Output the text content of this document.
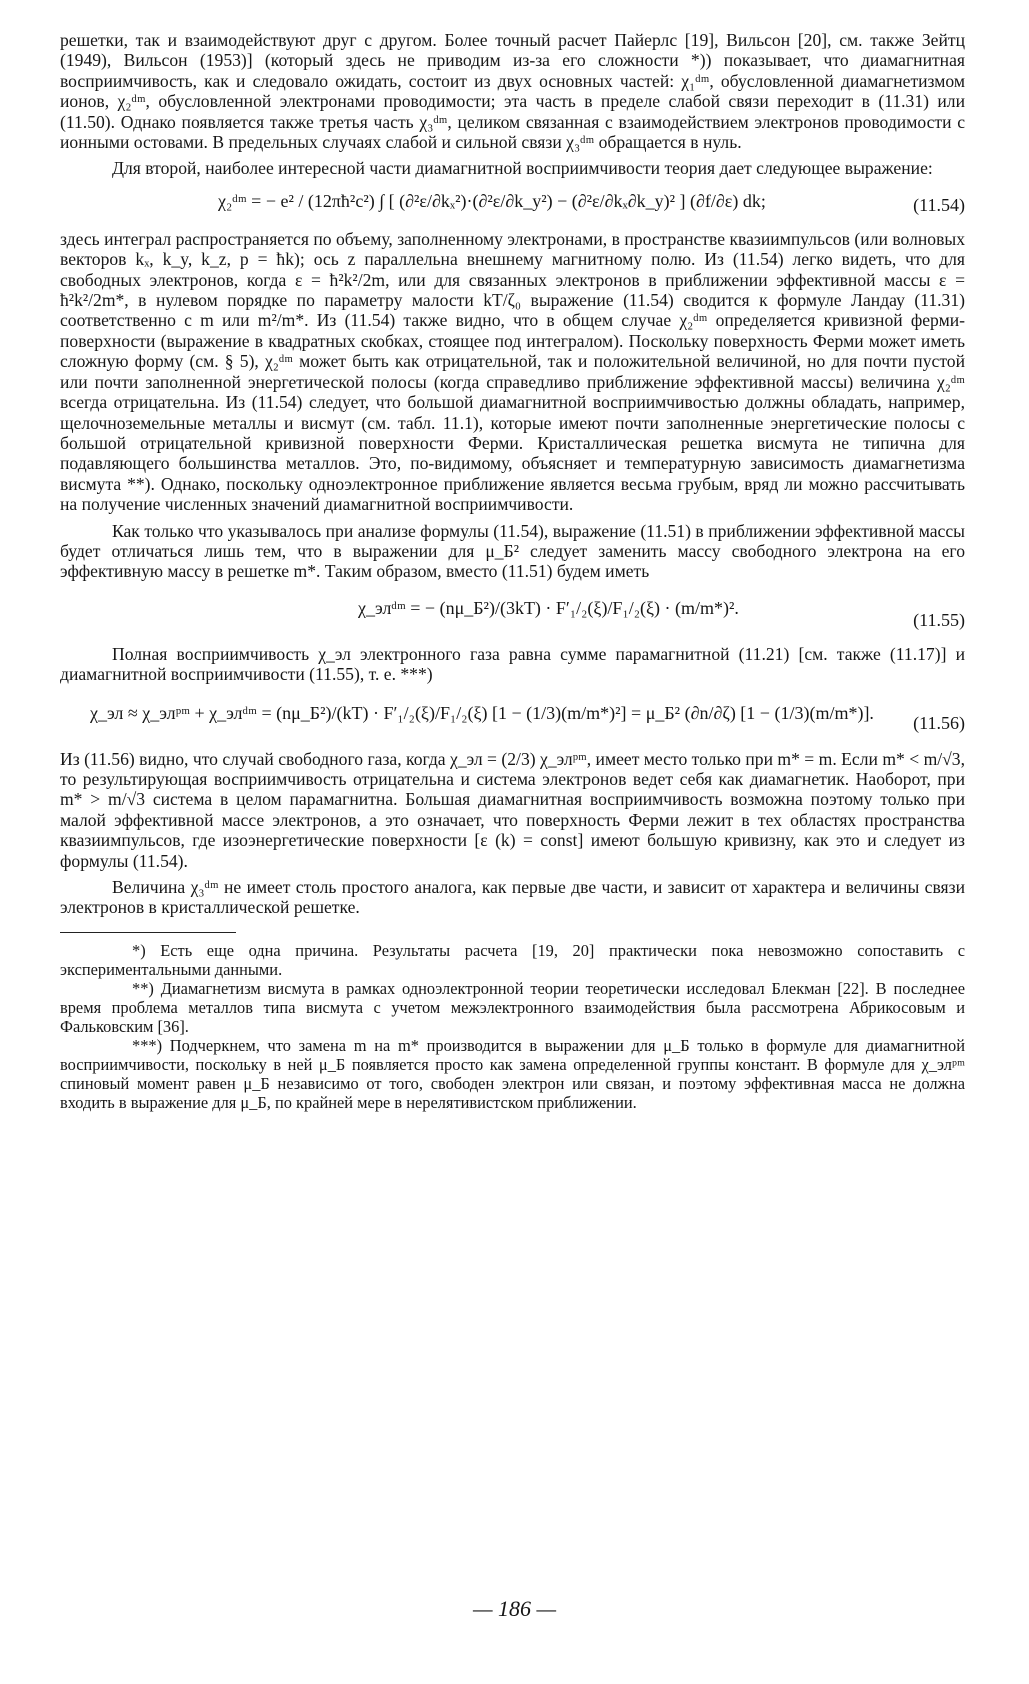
решетки, так и взаимодействуют друг с другом. Более точный расчет Пайерлс [19], Вильсон [20], см. также Зейтц (1949), Вильсон (1953)] (который здесь не приводим из-за его сложности *)) показывает, что диамагнитная восприимчивость, как и следовало ожидать, состоит из двух основных частей: χ₁ᵈᵐ, обусловленной диамагнетизмом ионов, χ₂ᵈᵐ, обусловленной электронами проводимости; эта часть в пределе слабой связи переходит в (11.31) или (11.50). Однако появляется также третья часть χ₃ᵈᵐ, целиком связанная с взаимодействием электронов проводимости с ионными остовами. В предельных случаях слабой и сильной связи χ₃ᵈᵐ обращается в нуль.

Для второй, наиболее интересной части диамагнитной восприимчивости теория дает следующее выражение:

χ₂ᵈᵐ = − e² / (12πħ²c²) ∫ [ (∂²ε/∂kₓ²)·(∂²ε/∂k_y²) − (∂²ε/∂kₓ∂k_y)² ] (∂f/∂ε) dk;	(11.54)

здесь интеграл распространяется по объему, заполненному электронами, в пространстве квазиимпульсов (или волновых векторов kₓ, k_y, k_z, p = ħk); ось z параллельна внешнему магнитному полю. Из (11.54) легко видеть, что для свободных электронов, когда ε = ħ²k²/2m, или для связанных электронов в приближении эффективной массы ε = ħ²k²/2m*, в нулевом порядке по параметру малости kT/ζ₀ выражение (11.54) сводится к формуле Ландау (11.31) соответственно с m или m²/m*. Из (11.54) также видно, что в общем случае χ₂ᵈᵐ определяется кривизной ферми-поверхности (выражение в квадратных скобках, стоящее под интегралом). Поскольку поверхность Ферми может иметь сложную форму (см. § 5), χ₂ᵈᵐ может быть как отрицательной, так и положительной величиной, но для почти пустой или почти заполненной энергетической полосы (когда справедливо приближение эффективной массы) величина χ₂ᵈᵐ всегда отрицательна. Из (11.54) следует, что большой диамагнитной восприимчивостью должны обладать, например, щелочноземельные металлы и висмут (см. табл. 11.1), которые имеют почти заполненные энергетические полосы с большой отрицательной кривизной поверхности Ферми. Кристаллическая решетка висмута не типична для подавляющего большинства металлов. Это, по-видимому, объясняет и температурную зависимость диамагнетизма висмута **). Однако, поскольку одноэлектронное приближение является весьма грубым, вряд ли можно рассчитывать на получение численных значений диамагнитной восприимчивости.

Как только что указывалось при анализе формулы (11.54), выражение (11.51) в приближении эффективной массы будет отличаться лишь тем, что в выражении для μ_Б² следует заменить массу свободного электрона на его эффективную массу в решетке m*. Таким образом, вместо (11.51) будем иметь

χ_элᵈᵐ = − (nμ_Б²)/(3kT) · F′₁/₂(ξ)/F₁/₂(ξ) · (m/m*)².
(11.55)

Полная восприимчивость χ_эл электронного газа равна сумме парамагнитной (11.21) [см. также (11.17)] и диамагнитной восприимчивости (11.55), т. е. ***)

χ_эл ≈ χ_элᵖᵐ + χ_элᵈᵐ = (nμ_Б²)/(kT) · F′₁/₂(ξ)/F₁/₂(ξ) [1 − (1/3)(m/m*)²] = μ_Б² (∂n/∂ζ) [1 − (1/3)(m/m*)]. (11.56)

Из (11.56) видно, что случай свободного газа, когда χ_эл = (2/3) χ_элᵖᵐ, имеет место только при m* = m. Если m* < m/√3, то результирующая восприимчивость отрицательна и система электронов ведет себя как диамагнетик. Наоборот, при m* > m/√3 система в целом парамагнитна. Большая диамагнитная восприимчивость возможна поэтому только при малой эффективной массе электронов, а это означает, что поверхность Ферми лежит в тех областях пространства квазиимпульсов, где изоэнергетические поверхности [ε (k) = const] имеют большую кривизну, как это и следует из формулы (11.54).

Величина χ₃ᵈᵐ не имеет столь простого аналога, как первые две части, и зависит от характера и величины связи электронов в кристаллической решетке.

*) Есть еще одна причина. Результаты расчета [19, 20] практически пока невозможно сопоставить с экспериментальными данными.

**) Диамагнетизм висмута в рамках одноэлектронной теории теоретически исследовал Блекман [22]. В последнее время проблема металлов типа висмута с учетом межэлектронного взаимодействия была рассмотрена Абрикосовым и Фальковским [36].

***) Подчеркнем, что замена m на m* производится в выражении для μ_Б только в формуле для диамагнитной восприимчивости, поскольку в ней μ_Б появляется просто как замена определенной группы констант. В формуле для χ_элᵖᵐ спиновый момент равен μ_Б независимо от того, свободен электрон или связан, и поэтому эффективная масса не должна входить в выражение для μ_Б, по крайней мере в нерелятивистском приближении.

— 186 —
